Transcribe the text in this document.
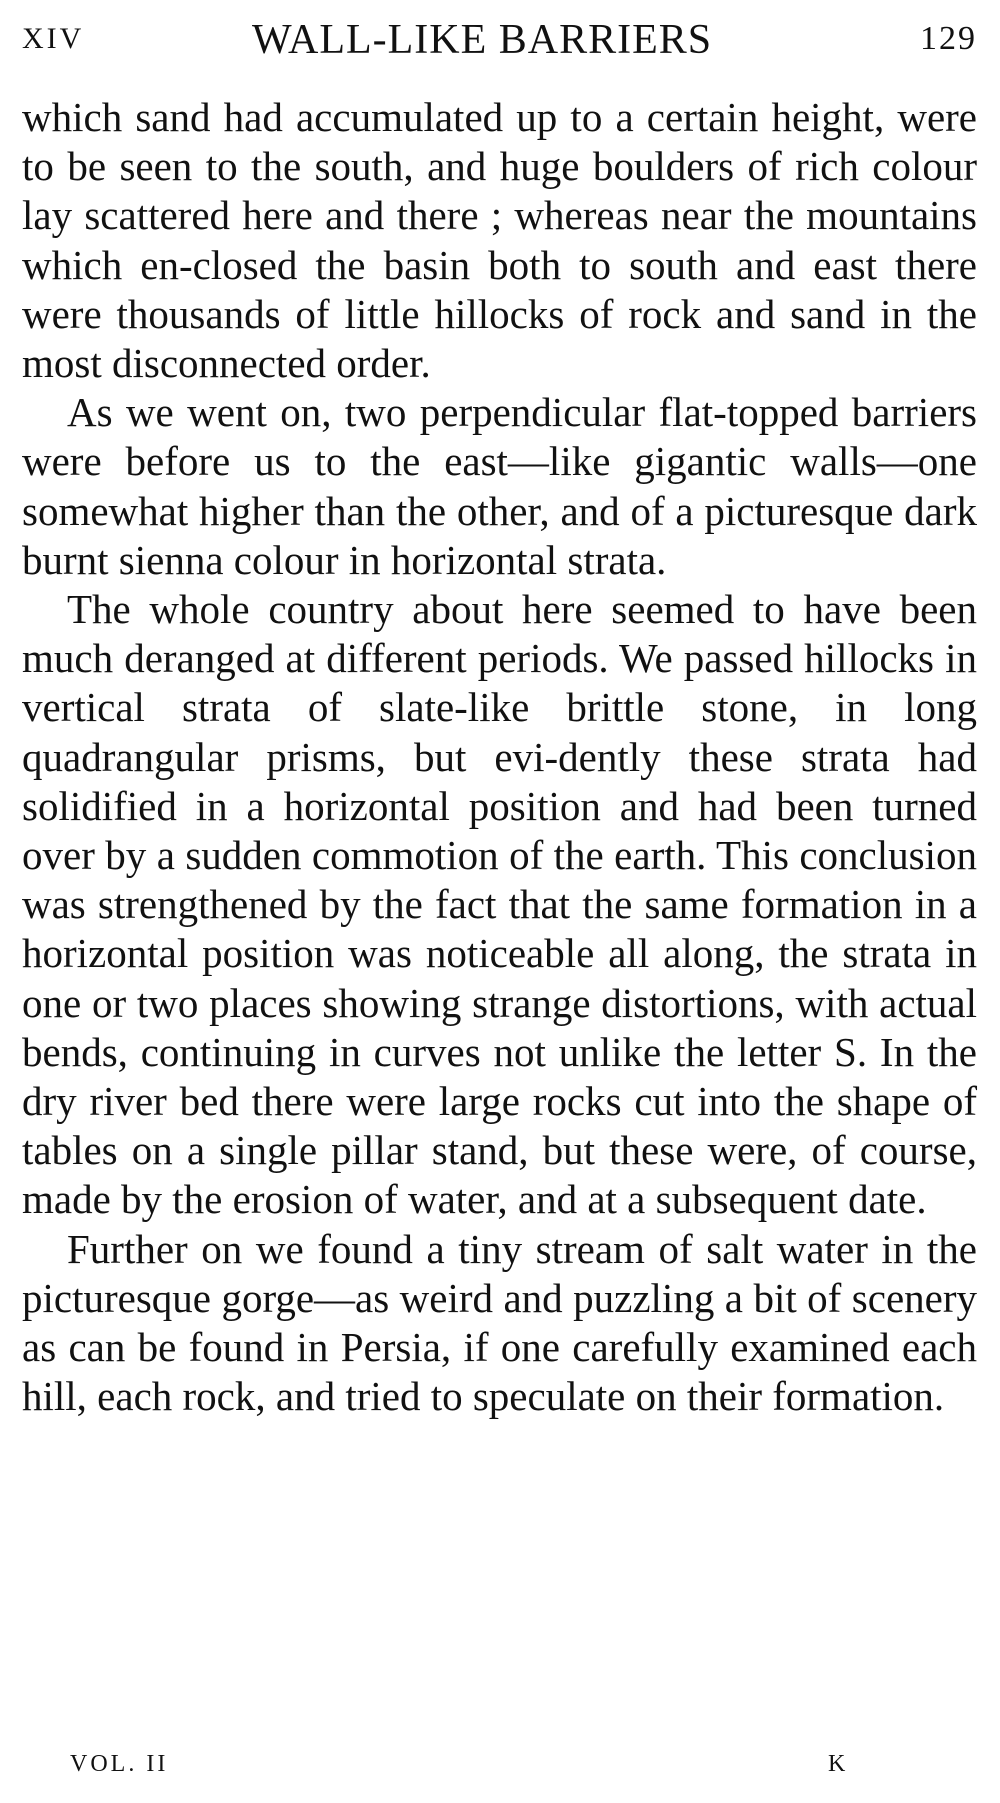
XIV	WALL-LIKE BARRIERS	129

which sand had accumulated up to a certain height, were to be seen to the south, and huge boulders of rich colour lay scattered here and there ; whereas near the mountains which en-closed the basin both to south and east there were thousands of little hillocks of rock and sand in the most disconnected order.

As we went on, two perpendicular flat-topped barriers were before us to the east—like gigantic walls—one somewhat higher than the other, and of a picturesque dark burnt sienna colour in horizontal strata.

The whole country about here seemed to have been much deranged at different periods. We passed hillocks in vertical strata of slate-like brittle stone, in long quadrangular prisms, but evi-dently these strata had solidified in a horizontal position and had been turned over by a sudden commotion of the earth. This conclusion was strengthened by the fact that the same formation in a horizontal position was noticeable all along, the strata in one or two places showing strange distortions, with actual bends, continuing in curves not unlike the letter S. In the dry river bed there were large rocks cut into the shape of tables on a single pillar stand, but these were, of course, made by the erosion of water, and at a subsequent date.

Further on we found a tiny stream of salt water in the picturesque gorge—as weird and puzzling a bit of scenery as can be found in Persia, if one carefully examined each hill, each rock, and tried to speculate on their formation.

VOL. II	K
